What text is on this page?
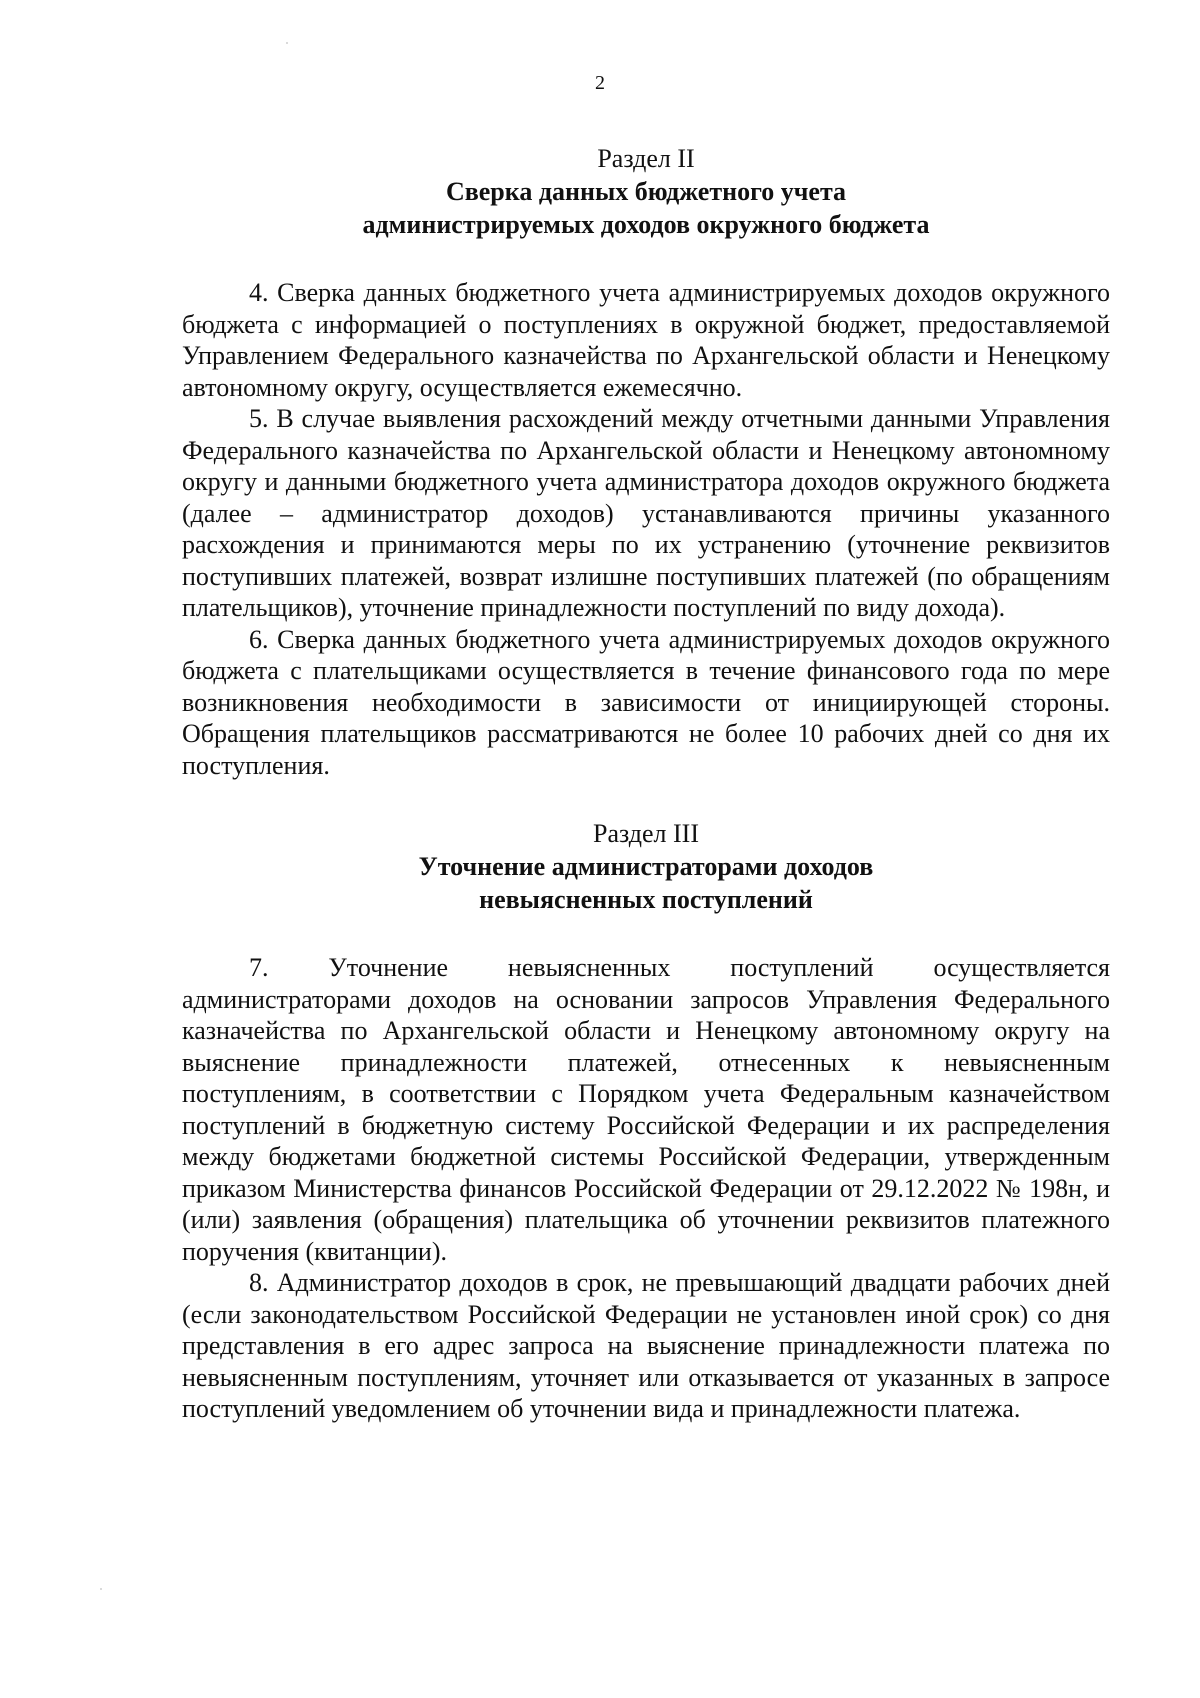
2
Раздел II
Сверка данных бюджетного учета
администрируемых доходов окружного бюджета

4. Сверка данных бюджетного учета администрируемых доходов окружного бюджета с информацией о поступлениях в окружной бюджет, предоставляемой Управлением Федерального казначейства по Архангельской области и Ненецкому автономному округу, осуществляется ежемесячно.

5. В случае выявления расхождений между отчетными данными Управления Федерального казначейства по Архангельской области и Ненецкому автономному округу и данными бюджетного учета администратора доходов окружного бюджета (далее – администратор доходов) устанавливаются причины указанного расхождения и принимаются меры по их устранению (уточнение реквизитов поступивших платежей, возврат излишне поступивших платежей (по обращениям плательщиков), уточнение принадлежности поступлений по виду дохода).

6. Сверка данных бюджетного учета администрируемых доходов окружного бюджета с плательщиками осуществляется в течение финансового года по мере возникновения необходимости в зависимости от инициирующей стороны. Обращения плательщиков рассматриваются не более 10 рабочих дней со дня их поступления.

Раздел III
Уточнение администраторами доходов
невыясненных поступлений

7. Уточнение невыясненных поступлений осуществляется администраторами доходов на основании запросов Управления Федерального казначейства по Архангельской области и Ненецкому автономному округу на выяснение принадлежности платежей, отнесенных к невыясненным поступлениям, в соответствии с Порядком учета Федеральным казначейством поступлений в бюджетную систему Российской Федерации и их распределения между бюджетами бюджетной системы Российской Федерации, утвержденным приказом Министерства финансов Российской Федерации от 29.12.2022 № 198н, и (или) заявления (обращения) плательщика об уточнении реквизитов платежного поручения (квитанции).

8. Администратор доходов в срок, не превышающий двадцати рабочих дней (если законодательством Российской Федерации не установлен иной срок) со дня представления в его адрес запроса на выяснение принадлежности платежа по невыясненным поступлениям, уточняет или отказывается от указанных в запросе поступлений уведомлением об уточнении вида и принадлежности платежа.
